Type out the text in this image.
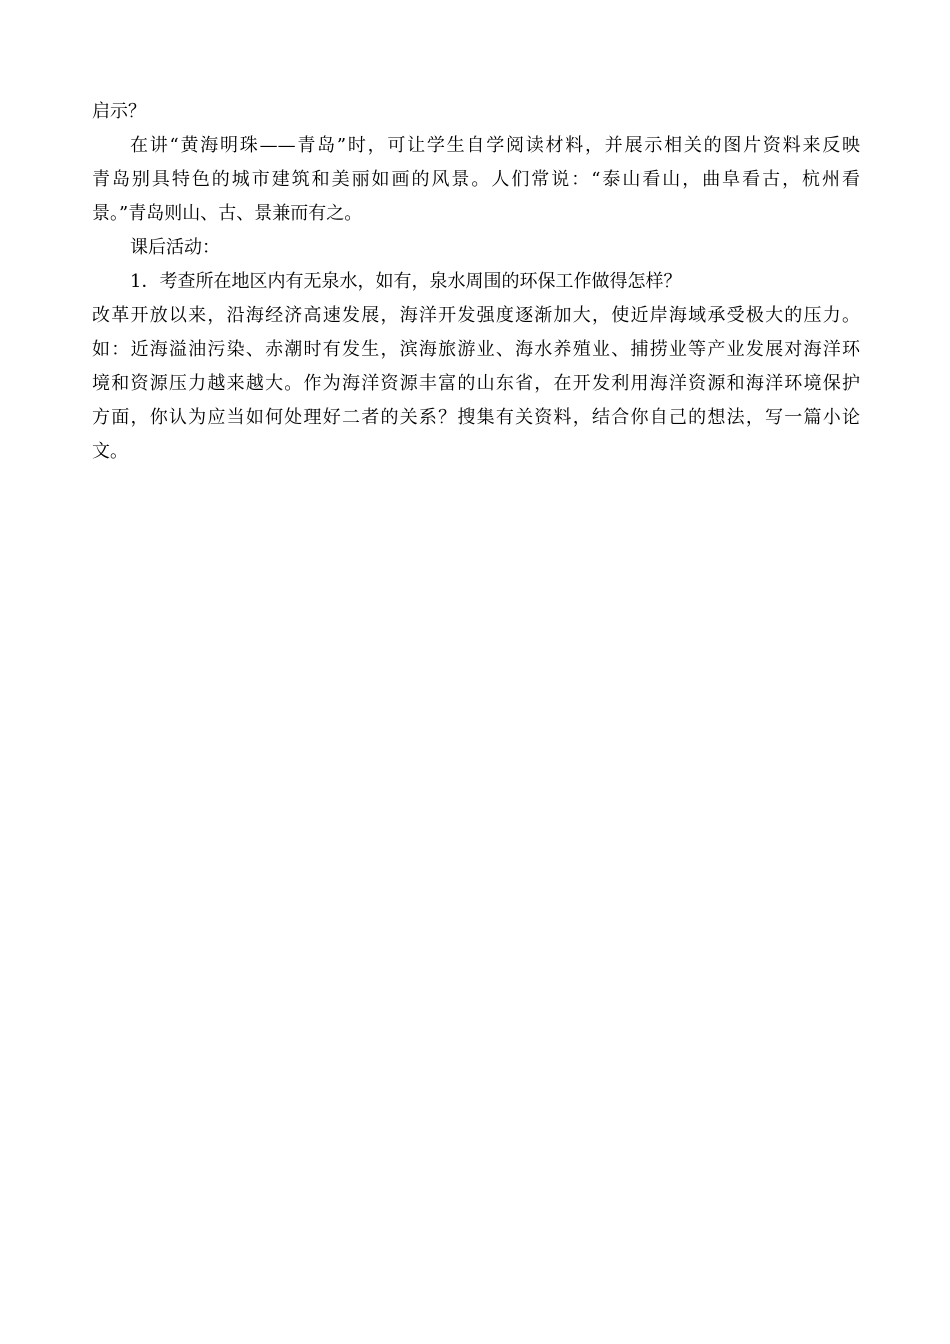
启示？
在讲“黄海明珠——青岛”时，可让学生自学阅读材料，并展示相关的图片资料来反映
青岛别具特色的城市建筑和美丽如画的风景。人们常说：“泰山看山，曲阜看古，杭州看
景。”青岛则山、古、景兼而有之。
课后活动：
1．考查所在地区内有无泉水，如有，泉水周围的环保工作做得怎样？
改革开放以来，沿海经济高速发展，海洋开发强度逐渐加大，使近岸海域承受极大的压力。
如：近海溢油污染、赤潮时有发生，滨海旅游业、海水养殖业、捕捞业等产业发展对海洋环
境和资源压力越来越大。作为海洋资源丰富的山东省，在开发利用海洋资源和海洋环境保护
方面，你认为应当如何处理好二者的关系？搜集有关资料，结合你自己的想法，写一篇小论
文。
